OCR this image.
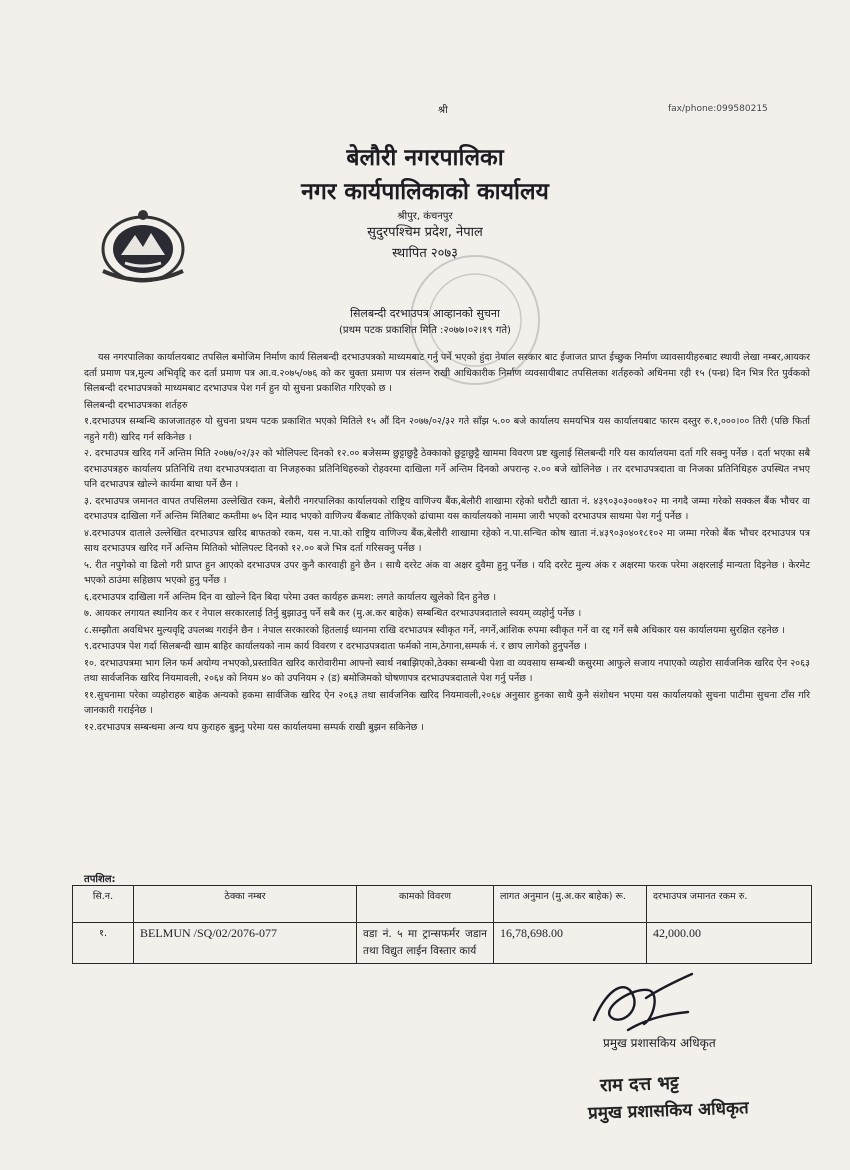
श्री	fax/phone:099580215
बेलौरी नगरपालिका
नगर कार्यपालिकाको कार्यालय
श्रीपुर, कंचनपुर
सुदुरपश्चिम प्रदेश, नेपाल
स्थापित २०७३
सिलबन्दी दरभाउपत्र आव्हानको सुचना
(प्रथम पटक प्रकाशित मिति :२०७७।०२।१९ गते)

यस नगरपालिका कार्यालयबाट तपसिल बमोजिम निर्माण कार्य सिलबन्दी दरभाउपत्रको माध्यमबाट गर्नु पर्ने भएको हुंदा नेपाल सरकार बाट ईजाजत प्राप्त ईच्छुक निर्माण व्यावसायीहरुबाट स्थायी लेखा नम्बर,आयकर दर्ता प्रमाण पत्र,मुल्य अभिवृद्दि कर दर्ता प्रमाण पत्र आ.व.२०७५/०७६ को कर चुक्ता प्रमाण पत्र संलग्न राखी आधिकारीक निर्माण व्यवसायीबाट तपसिलका शर्तहरुको अधिनमा रही १५ (पन्ध्र) दिन भित्र रित पुर्वकको सिलबन्दी दरभाउपत्रको माध्यमबाट दरभाउपत्र पेश गर्न हुन यो सुचना प्रकाशित गरिएको छ ।

सिलबन्दी दरभाउपत्रका शर्तहरु

१.दरभाउपत्र सम्बन्धि काजजातहरु यो सुचना प्रथम पटक प्रकाशित भएको मितिले १५ औं दिन २०७७/०२/३२ गते साँझ ५.०० बजे कार्यालय समयभित्र यस कार्यालयबाट फारम दस्तुर रु.१,०००।०० तिरी (पछि फिर्ता नहुने गरी) खरिद गर्न सकिनेछ ।

२. दरभाउपत्र खरिद गर्ने अन्तिम मिति २०७७/०२/३२ को भोलिपल्ट दिनको १२.०० बजेसम्म छुट्टाछुट्टै ठेक्काको छुट्टाछुट्टै खाममा विवरण प्रष्ट खुलाई सिलबन्दी गरि यस कार्यालयमा दर्ता गरि सक्नु पर्नेछ । दर्ता भएका सबै दरभाउपत्रहरु कार्यालय प्रतिनिधि तथा दरभाउपत्रदाता वा निजहरुका प्रतिनिधिहरुको रोहवरमा दाखिला गर्ने अन्तिम दिनको अपरान्ह २.०० बजे खोलिनेछ । तर दरभाउपत्रदाता वा निजका प्रतिनिधिहरु उपस्थित नभए पनि दरभाउपत्र खोल्ने कार्यमा बाधा पर्ने छैन ।

३. दरभाउपत्र जमानत वापत तपसिलमा उल्लेखित रकम, बेलौरी नगरपालिका कार्यालयको राष्ट्रिय वाणिज्य बैंक,बेलौरी शाखामा रहेको धरौटी खाता नं. ४३९०३०३००७१०२ मा नगदै जम्मा गरेको सक्कल बैंक भौचर वा दरभाउपत्र दाखिला गर्ने अन्तिम मितिबाट कम्तीमा ७५ दिन म्याद भएको वाणिज्य बैंकबाट तोकिएको ढांचामा यस कार्यालयको नाममा जारी भएको दरभाउपत्र साथमा पेश गर्नु पर्नेछ ।

४.दरभाउपत्र दाताले उल्लेखित दरभाउपत्र खरिद बाफतको रकम, यस न.पा.को राष्ट्रिय वाणिज्य बैंक,बेलौरी शाखामा रहेको न.पा.सन्चित कोष खाता नं.४३९०३०४०१८१०२ मा जम्मा गरेको बैंक भौचर दरभाउपत्र पत्र साथ दरभाउपत्र खरिद गर्ने अन्तिम मितिको भोलिपल्ट दिनको १२.०० बजे भित्र दर्ता गरिसक्नु पर्नेछ ।

५. रीत नपुगेको वा ढिलो गरी प्राप्त हुन आएको दरभाउपत्र उपर कुनै कारवाही हुने छैन । साथै दररेट अंक वा अक्षर दुवैमा हुनु पर्नेछ । यदि दररेट मुल्य अंक र अक्षरमा फरक परेमा अक्षरलाई मान्यता दिइनेछ । केरमेट भएको ठाउंमा सहिछाप भएको हुनु पर्नेछ ।

६.दरभाउपत्र दाखिला गर्ने अन्तिम दिन वा खोल्ने दिन बिदा परेमा उक्त कार्यहरु क्रमश: लगते कार्यालय खुलेको दिन हुनेछ ।

७. आयकर लगायत स्थानिय कर र नेपाल सरकारलाई तिर्नु बुझाउनु पर्ने सबै कर (मु.अ.कर बाहेक) सम्बन्धित दरभाउपत्रदाताले स्वयम् व्यहोर्नु पर्नेछ ।

८.सम्झौता अवधिभर मुल्यवृद्दि उपलब्ध गराईने छैन । नेपाल सरकारको हितलाई ध्यानमा राखि दरभाउपत्र स्वीकृत गर्ने, नगर्ने,आंशिक रुपमा स्वीकृत गर्ने वा रद्द गर्ने सबै अधिकार यस कार्यालयमा सुरक्षित रहनेछ ।

९.दरभाउपत्र पेश गर्दा सिलबन्दी खाम बाहिर कार्यालयको नाम कार्य विवरण र दरभाउपत्रदाता फर्मको नाम,ठेगाना,सम्पर्क नं. र छाप लागेको हुनुपर्नेछ ।

१०. दरभाउपत्रमा भाग लिन फर्म अयोग्य नभएको,प्रस्तावित खरिद कारोवारीमा आफ्नो स्वार्थ नबाझिएको,ठेक्का सम्बन्धी पेशा वा व्यवसाय सम्बन्धी कसुरमा आफुले सजाय नपाएको व्यहोरा सार्वजनिक खरिद ऐन २०६३ तथा सार्वजनिक खरिद नियमावली, २०६४ को नियम ४० को उपनियम २ (ड) बमोजिमको घोषणापत्र दरभाउपत्रदाताले पेश गर्नु पर्नेछ ।

११.सुचनामा परेका व्यहोराहरु बाहेक अन्यको हकमा सार्वजिक खरिद ऐन २०६३ तथा सार्वजनिक खरिद नियमावली,२०६४ अनुसार हुनका साथै कुनै संशोधन भएमा यस कार्यालयको सुचना पाटीमा सुचना टाँस गरि जानकारी गराईनेछ ।

१२.दरभाउपत्र सम्बन्धमा अन्य थप कुराहरु बुझ्नु परेमा यस कार्यालयमा सम्पर्क राखी बुझन सकिनेछ ।

तपशिल:
सि.न.	ठेक्का नम्बर	कामको विवरण	लागत अनुमान (मु.अ.कर बाहेक) रू.	दरभाउपत्र जमानत रकम रु.
१.	BELMUN /SQ/02/2076-077	वडा नं. ५ मा ट्रान्सफर्मर जडान तथा विद्युत लाईन विस्तार कार्य	16,78,698.00	42,000.00
प्रमुख प्रशासकिय अधिकृत
राम दत्त भट्ट
प्रमुख प्रशासकिय अधिकृत
